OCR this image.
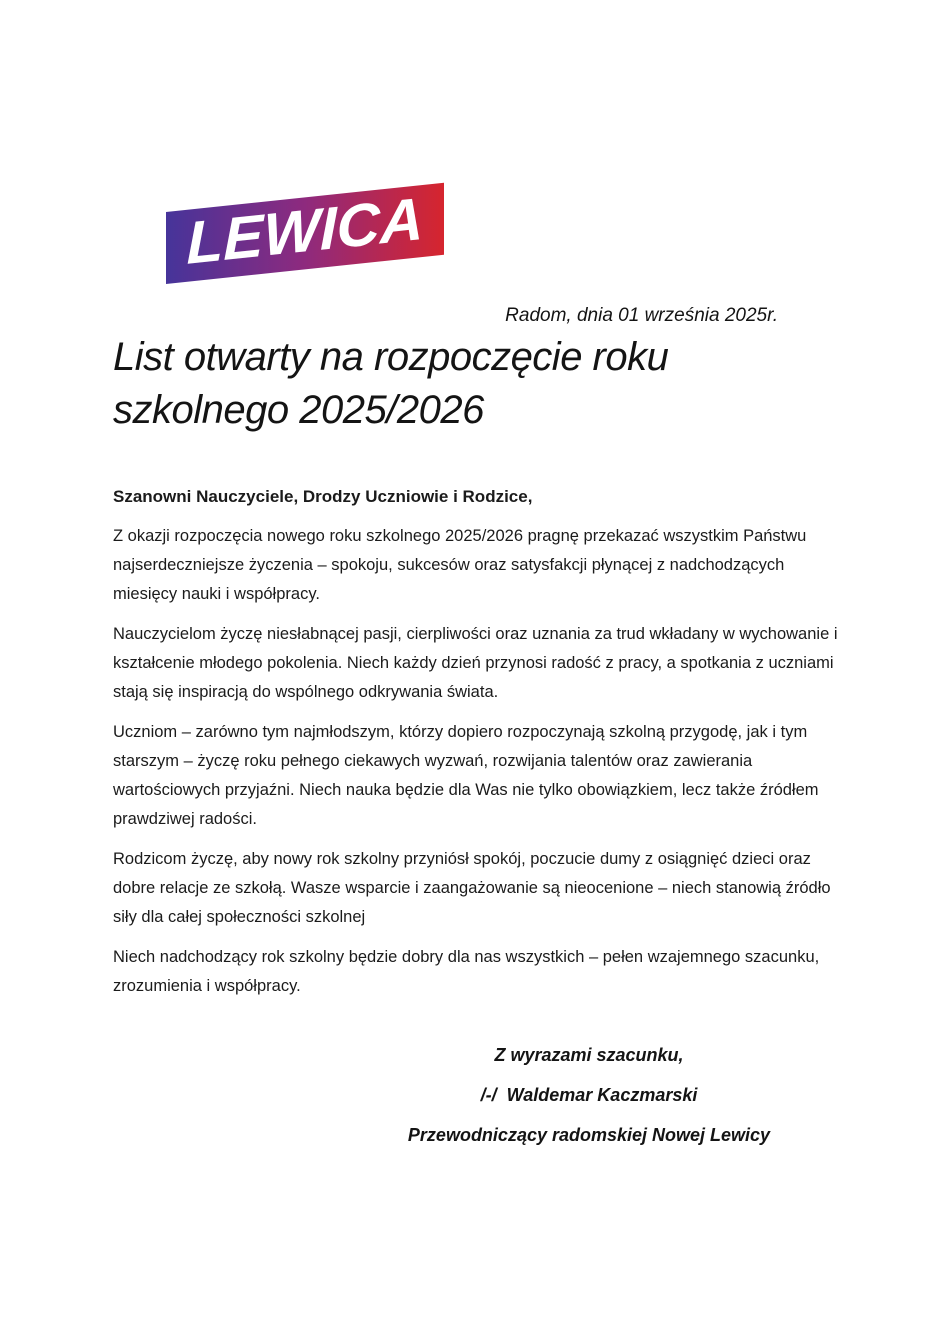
LEWICA
Radom, dnia 01 września 2025r.
List otwarty na rozpoczęcie roku szkolnego 2025/2026

Szanowni Nauczyciele, Drodzy Uczniowie i Rodzice,

Z okazji rozpoczęcia nowego roku szkolnego 2025/2026 pragnę przekazać wszystkim Państwu najserdeczniejsze życzenia – spokoju, sukcesów oraz satysfakcji płynącej z nadchodzących miesięcy nauki i współpracy.

Nauczycielom życzę niesłabnącej pasji, cierpliwości oraz uznania za trud wkładany w wychowanie i kształcenie młodego pokolenia. Niech każdy dzień przynosi radość z pracy, a spotkania z uczniami stają się inspiracją do wspólnego odkrywania świata.

Uczniom – zarówno tym najmłodszym, którzy dopiero rozpoczynają szkolną przygodę, jak i tym starszym – życzę roku pełnego ciekawych wyzwań, rozwijania talentów oraz zawierania wartościowych przyjaźni. Niech nauka będzie dla Was nie tylko obowiązkiem, lecz także źródłem prawdziwej radości.

Rodzicom życzę, aby nowy rok szkolny przyniósł spokój, poczucie dumy z osiągnięć dzieci oraz dobre relacje ze szkołą. Wasze wsparcie i zaangażowanie są nieocenione – niech stanowią źródło siły dla całej społeczności szkolnej

Niech nadchodzący rok szkolny będzie dobry dla nas wszystkich – pełen wzajemnego szacunku, zrozumienia i współpracy.

Z wyrazami szacunku,

/-/  Waldemar Kaczmarski

Przewodniczący radomskiej Nowej Lewicy
